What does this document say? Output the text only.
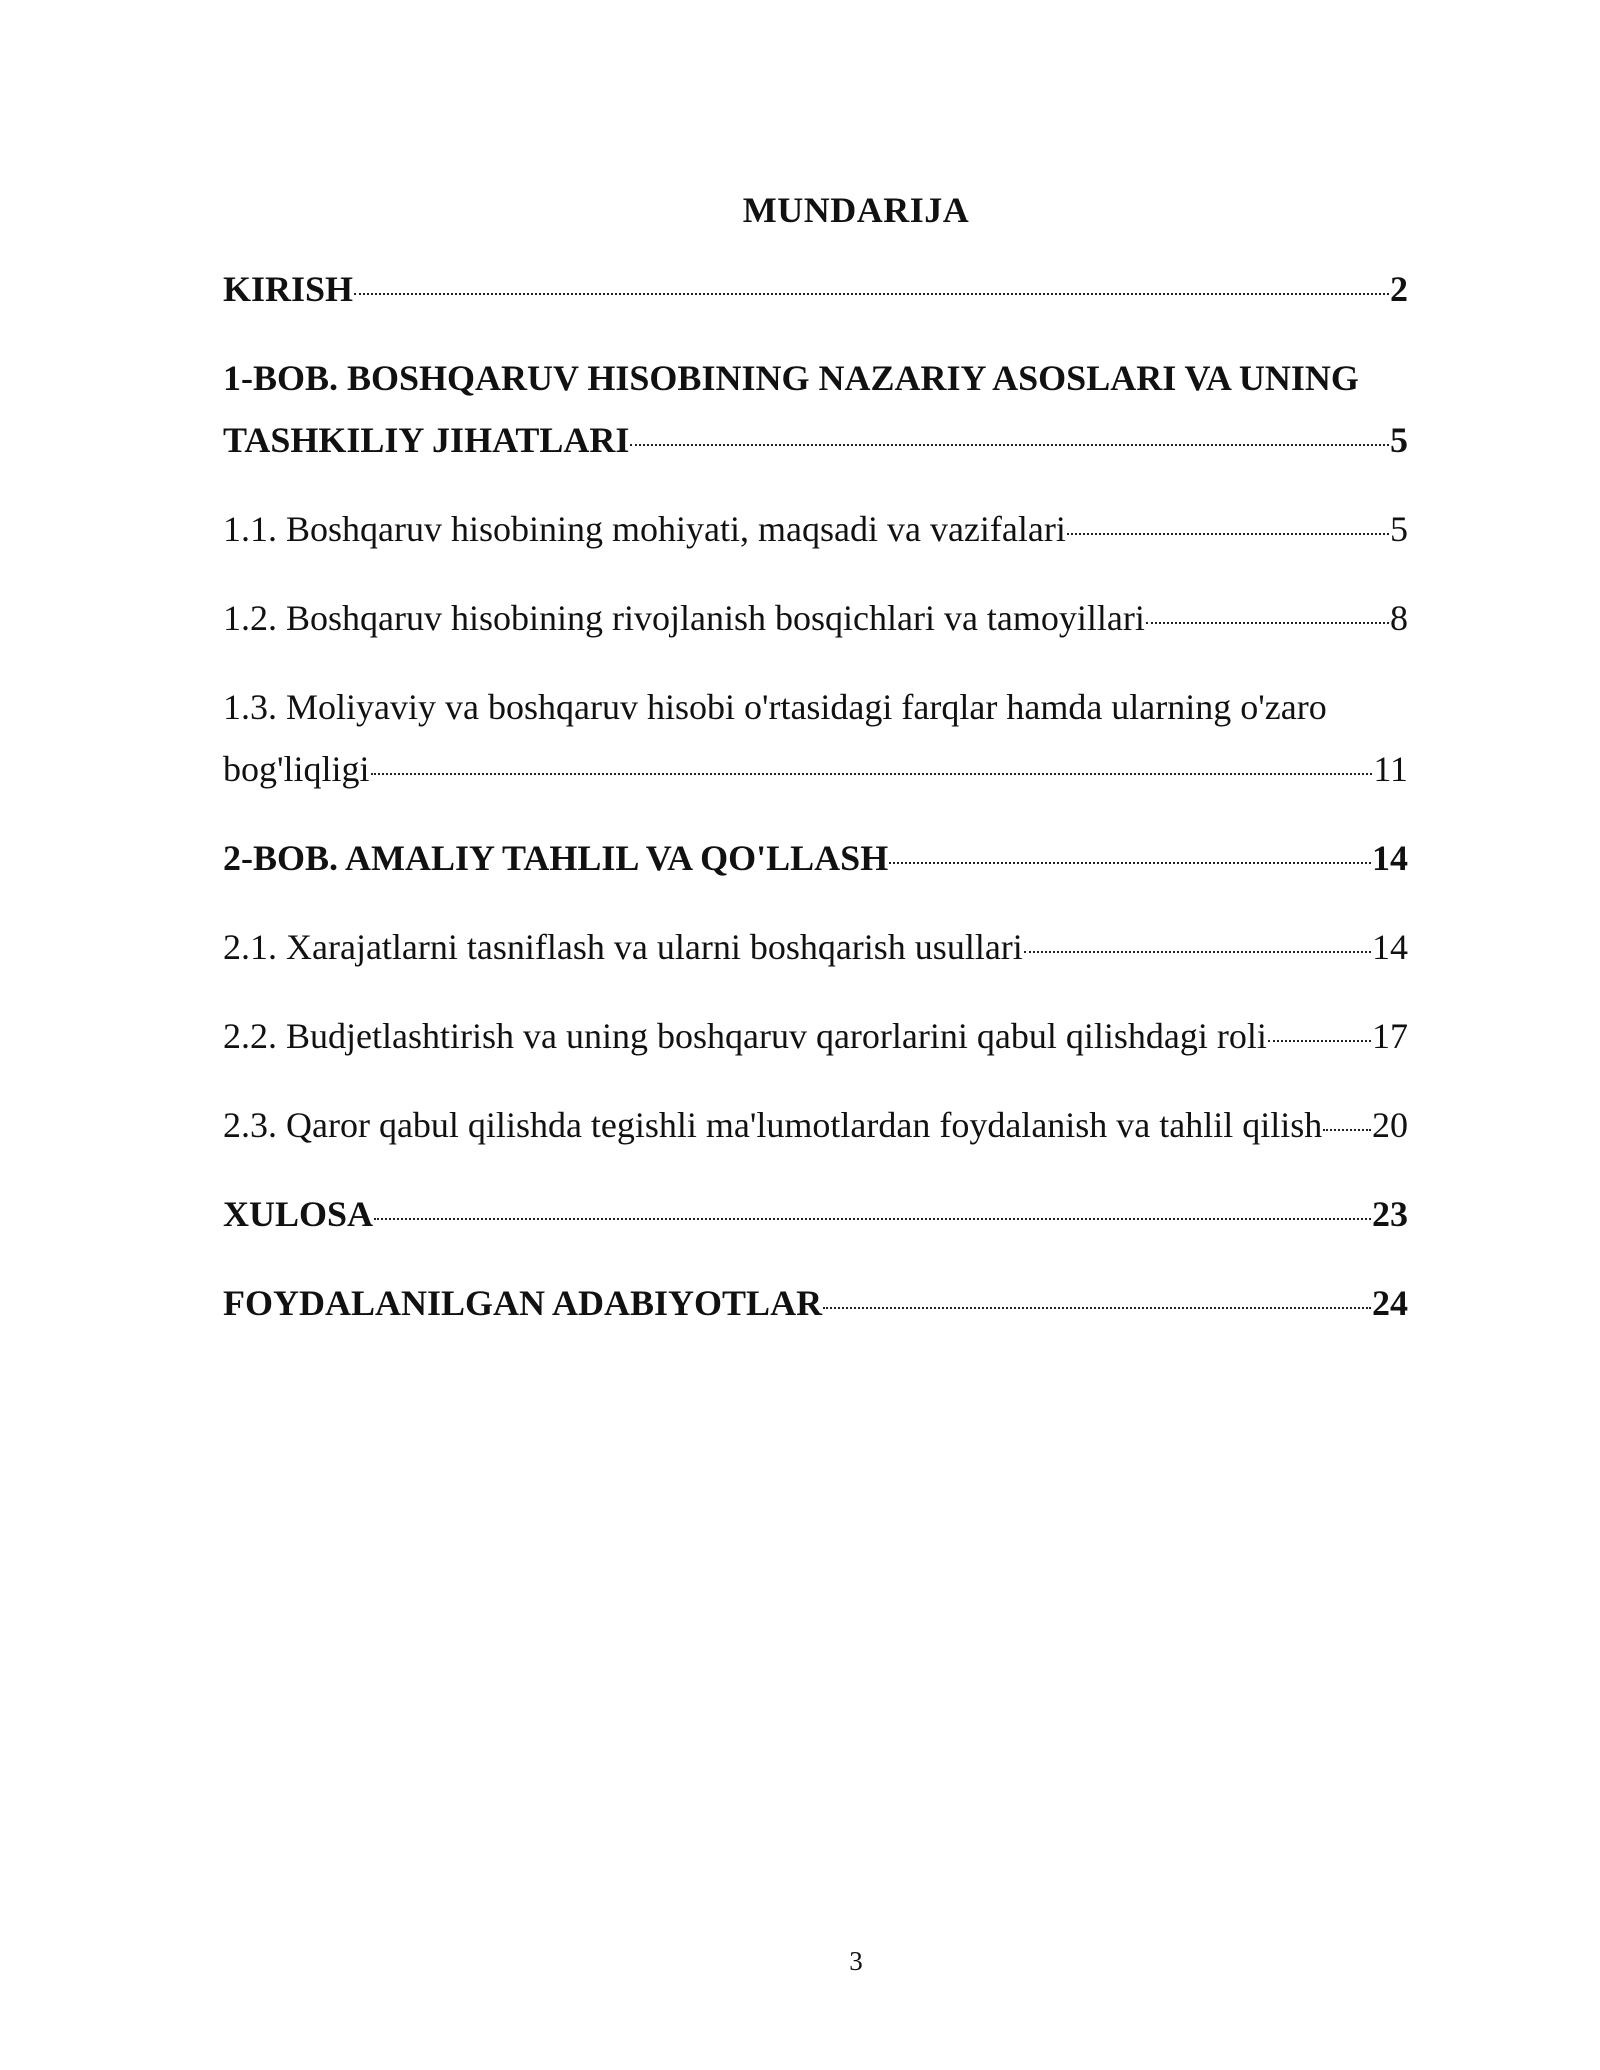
MUNDARIJA
KIRISH	2
1-BOB. BOSHQARUV HISOBINING NAZARIY ASOSLARI VA UNING
TASHKILIY JIHATLARI	5
1.1. Boshqaruv hisobining mohiyati, maqsadi va vazifalari	5
1.2. Boshqaruv hisobining rivojlanish bosqichlari va tamoyillari	8
1.3. Moliyaviy va boshqaruv hisobi o'rtasidagi farqlar hamda ularning o'zaro
bog'liqligi	11
2-BOB. AMALIY TAHLIL VA QO'LLASH	14
2.1. Xarajatlarni tasniflash va ularni boshqarish usullari	14
2.2. Budjetlashtirish va uning boshqaruv qarorlarini qabul qilishdagi roli	17
2.3. Qaror qabul qilishda tegishli ma'lumotlardan foydalanish va tahlil qilish 20
XULOSA	23
FOYDALANILGAN ADABIYOTLAR	24
3
